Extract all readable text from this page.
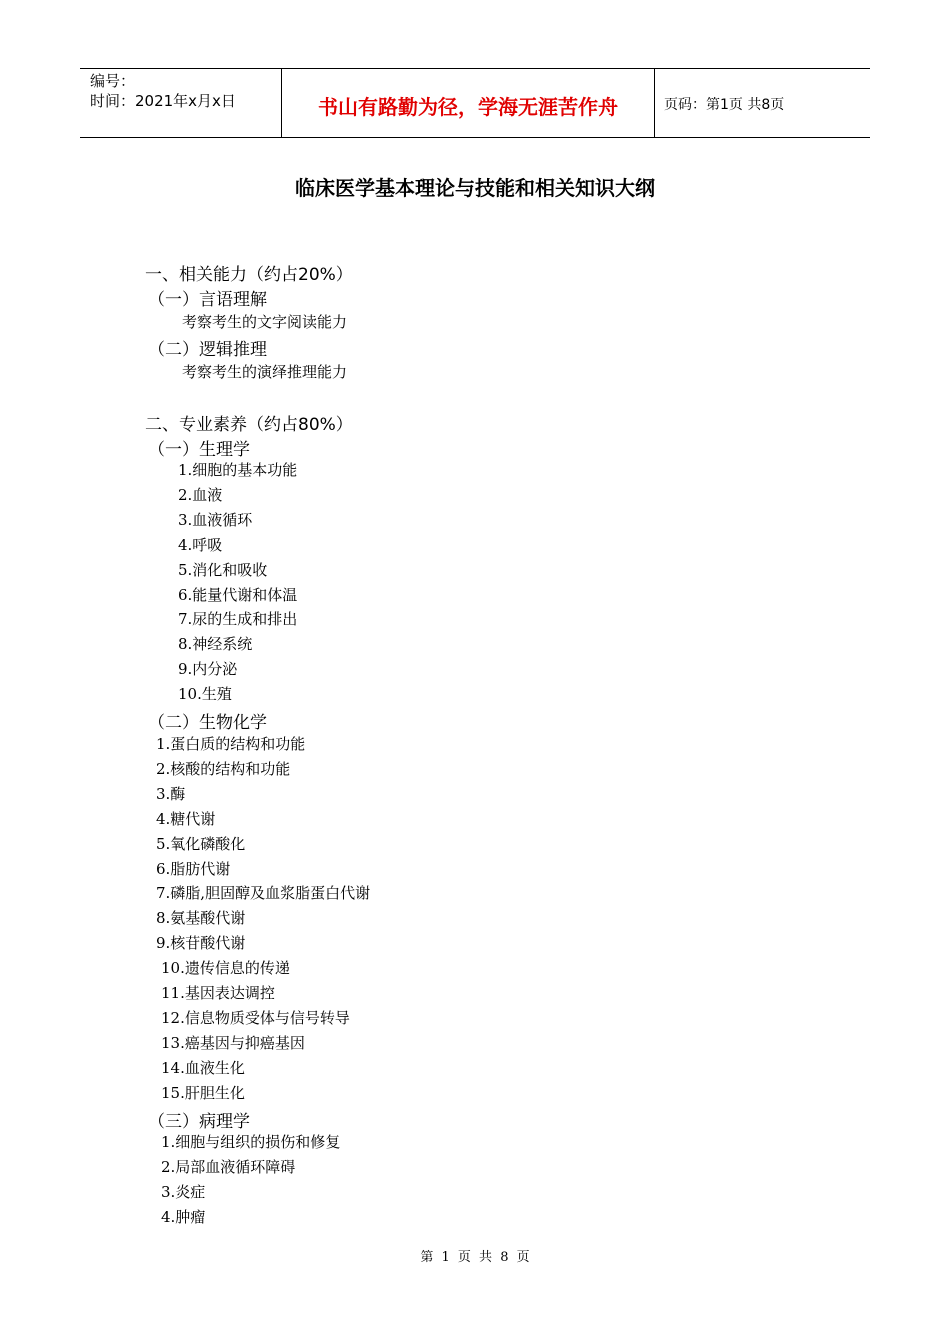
编号：
时间：2021年x月x日	书山有路勤为径，学海无涯苦作舟	页码：第1页 共8页
临床医学基本理论与技能和相关知识大纲
一、相关能力（约占20%）
（一）言语理解
考察考生的文字阅读能力
（二）逻辑推理
考察考生的演绎推理能力
二、专业素养（约占80%）
（一）生理学
1.细胞的基本功能
2.血液
3.血液循环
4.呼吸
5.消化和吸收
6.能量代谢和体温
7.尿的生成和排出
8.神经系统
9.内分泌
10.生殖
（二）生物化学
1.蛋白质的结构和功能
2.核酸的结构和功能
3.酶
4.糖代谢
5.氧化磷酸化
6.脂肪代谢
7.磷脂,胆固醇及血浆脂蛋白代谢
8.氨基酸代谢
9.核苷酸代谢
10.遗传信息的传递
11.基因表达调控
12.信息物质受体与信号转导
13.癌基因与抑癌基因
14.血液生化
15.肝胆生化
（三）病理学
1.细胞与组织的损伤和修复
2.局部血液循环障碍
3.炎症
4.肿瘤
第 1 页 共 8 页
